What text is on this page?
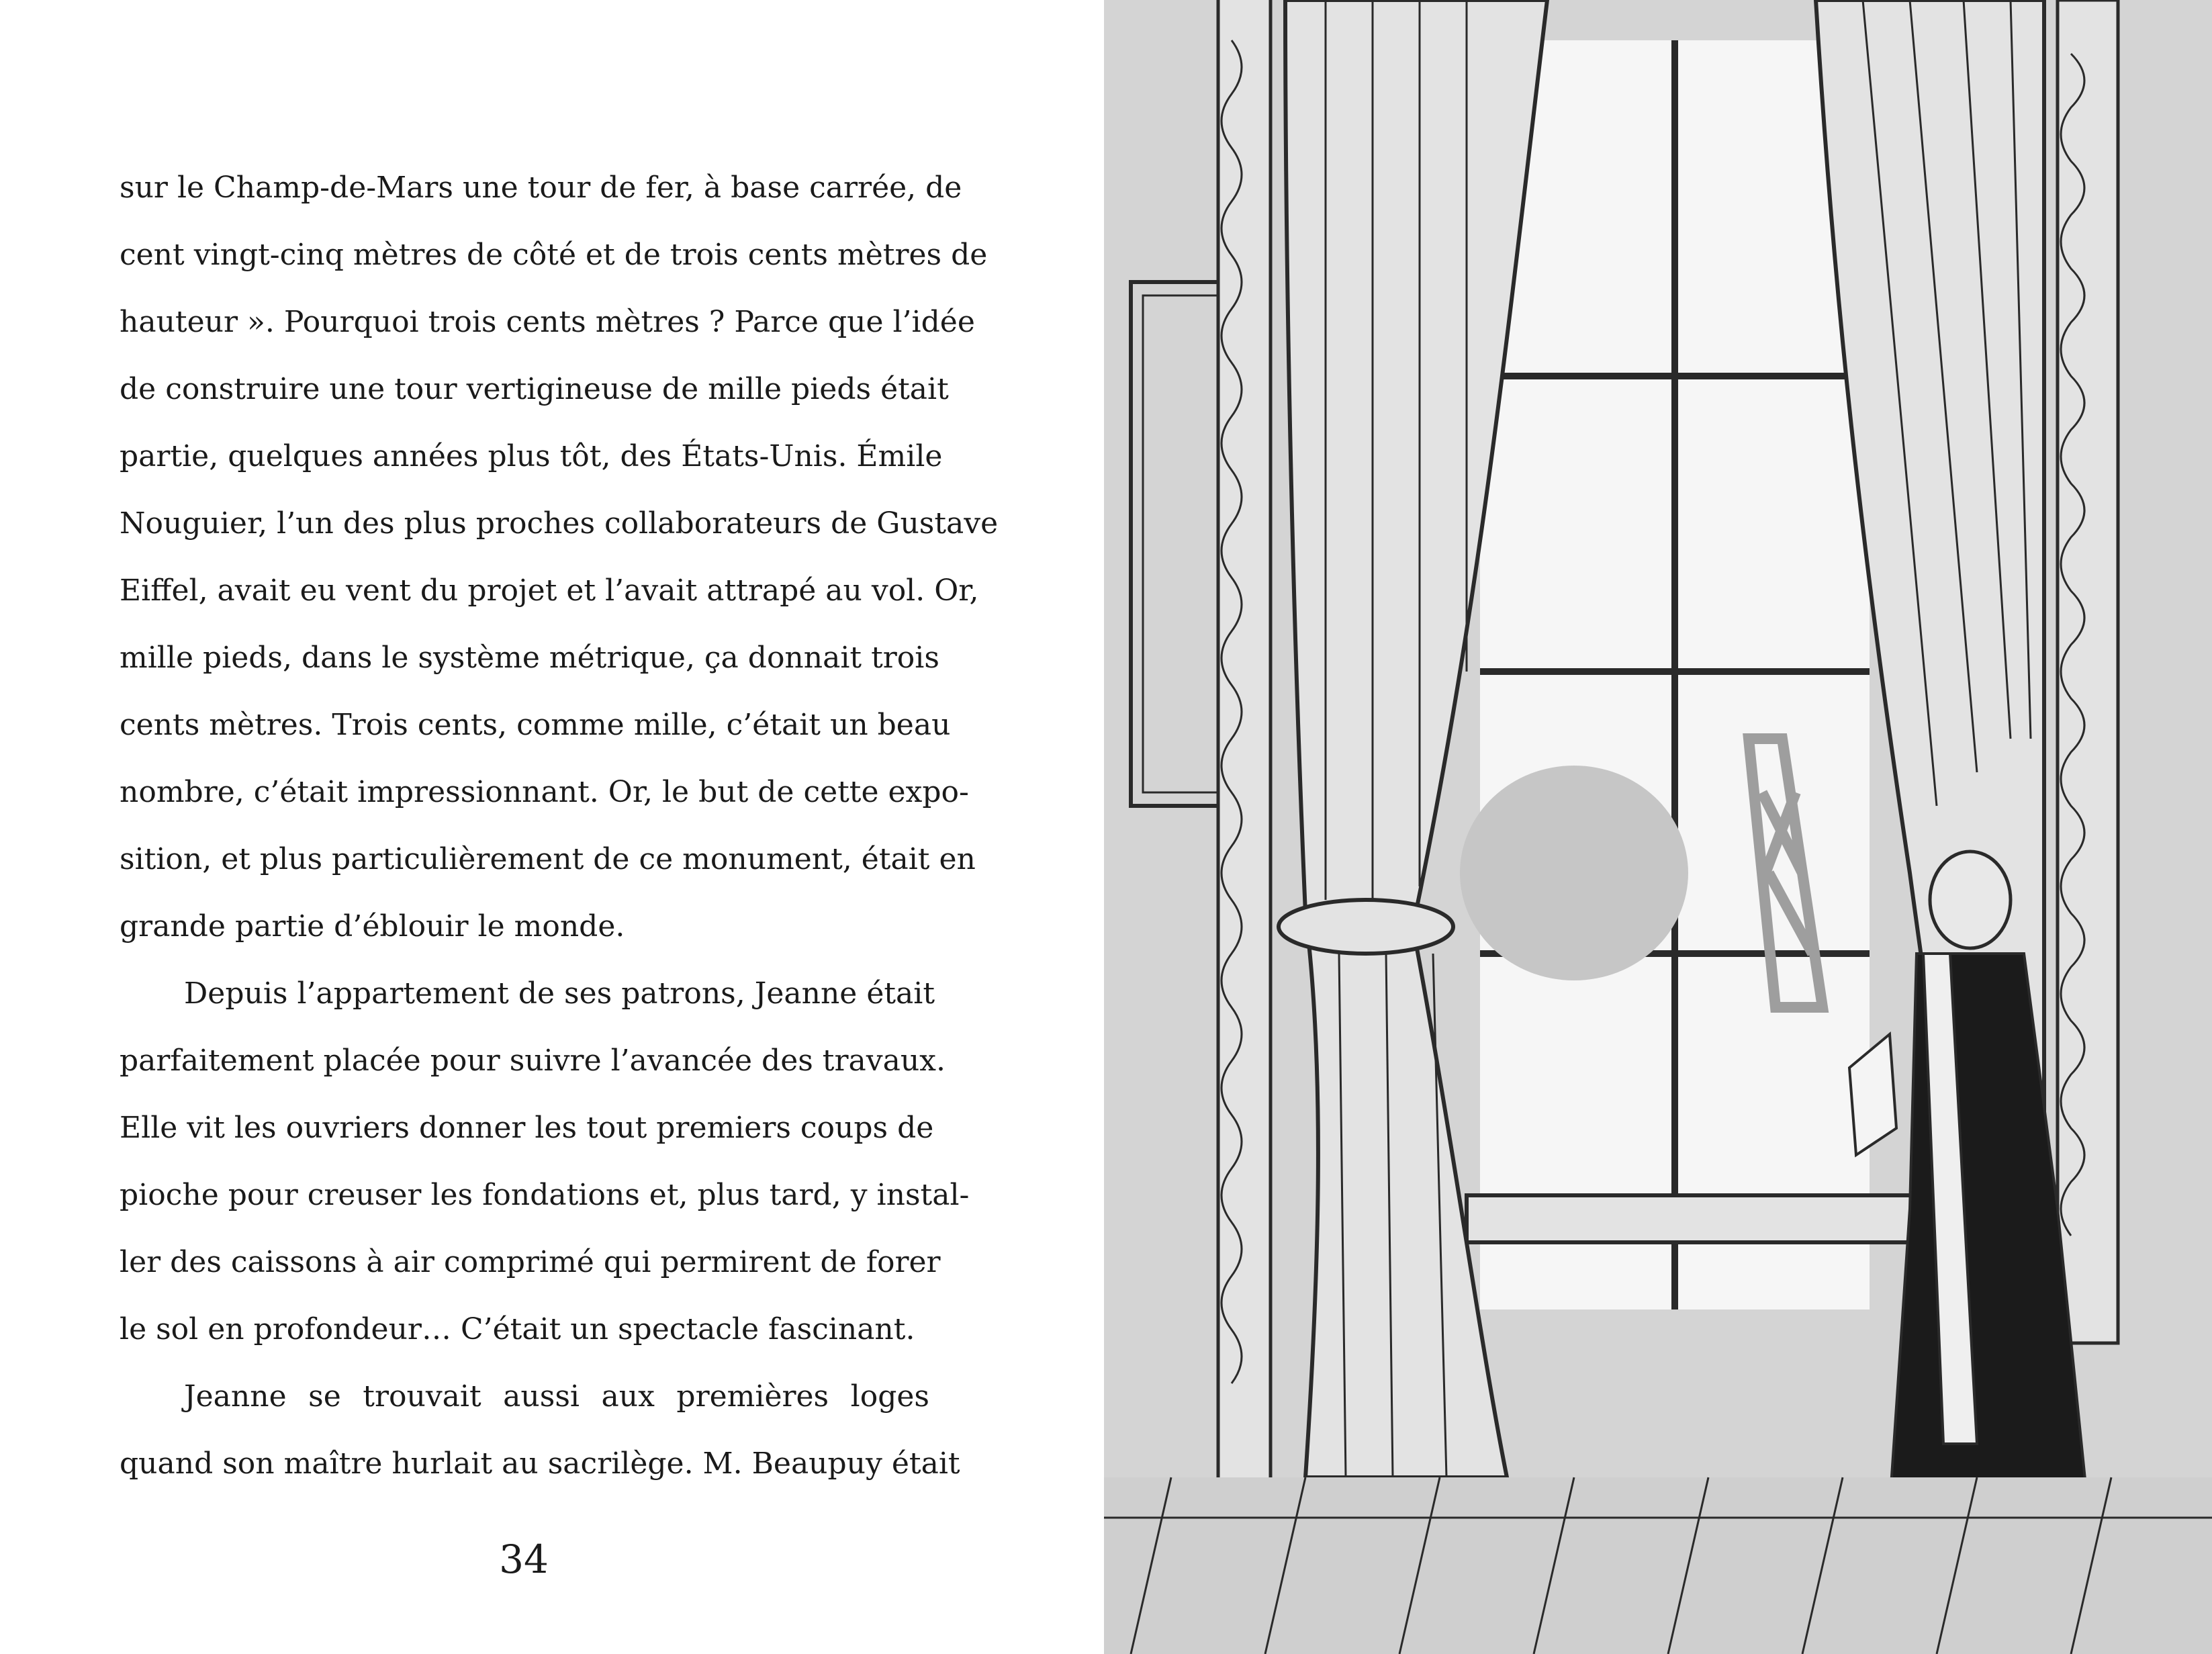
sur le Champ-de-Mars une tour de fer, à base carrée, de
cent vingt-cinq mètres de côté et de trois cents mètres de
hauteur ». Pourquoi trois cents mètres ? Parce que l’idée
de construire une tour vertigineuse de mille pieds était
partie, quelques années plus tôt, des États-Unis. Émile
Nouguier, l’un des plus proches collaborateurs de Gustave
Eiffel, avait eu vent du projet et l’avait attrapé au vol. Or,
mille pieds, dans le système métrique, ça donnait trois
cents mètres. Trois cents, comme mille, c’était un beau
nombre, c’était impressionnant. Or, le but de cette expo-
sition, et plus particulièrement de ce monument, était en
grande partie d’éblouir le monde.
Depuis l’appartement de ses patrons, Jeanne était
parfaitement placée pour suivre l’avancée des travaux.
Elle vit les ouvriers donner les tout premiers coups de
pioche pour creuser les fondations et, plus tard, y instal-
ler des caissons à air comprimé qui permirent de forer
le sol en profondeur… C’était un spectacle fascinant.
Jeanne se trouvait aussi aux premières loges
quand son maître hurlait au sacrilège. M. Beaupuy était
34
